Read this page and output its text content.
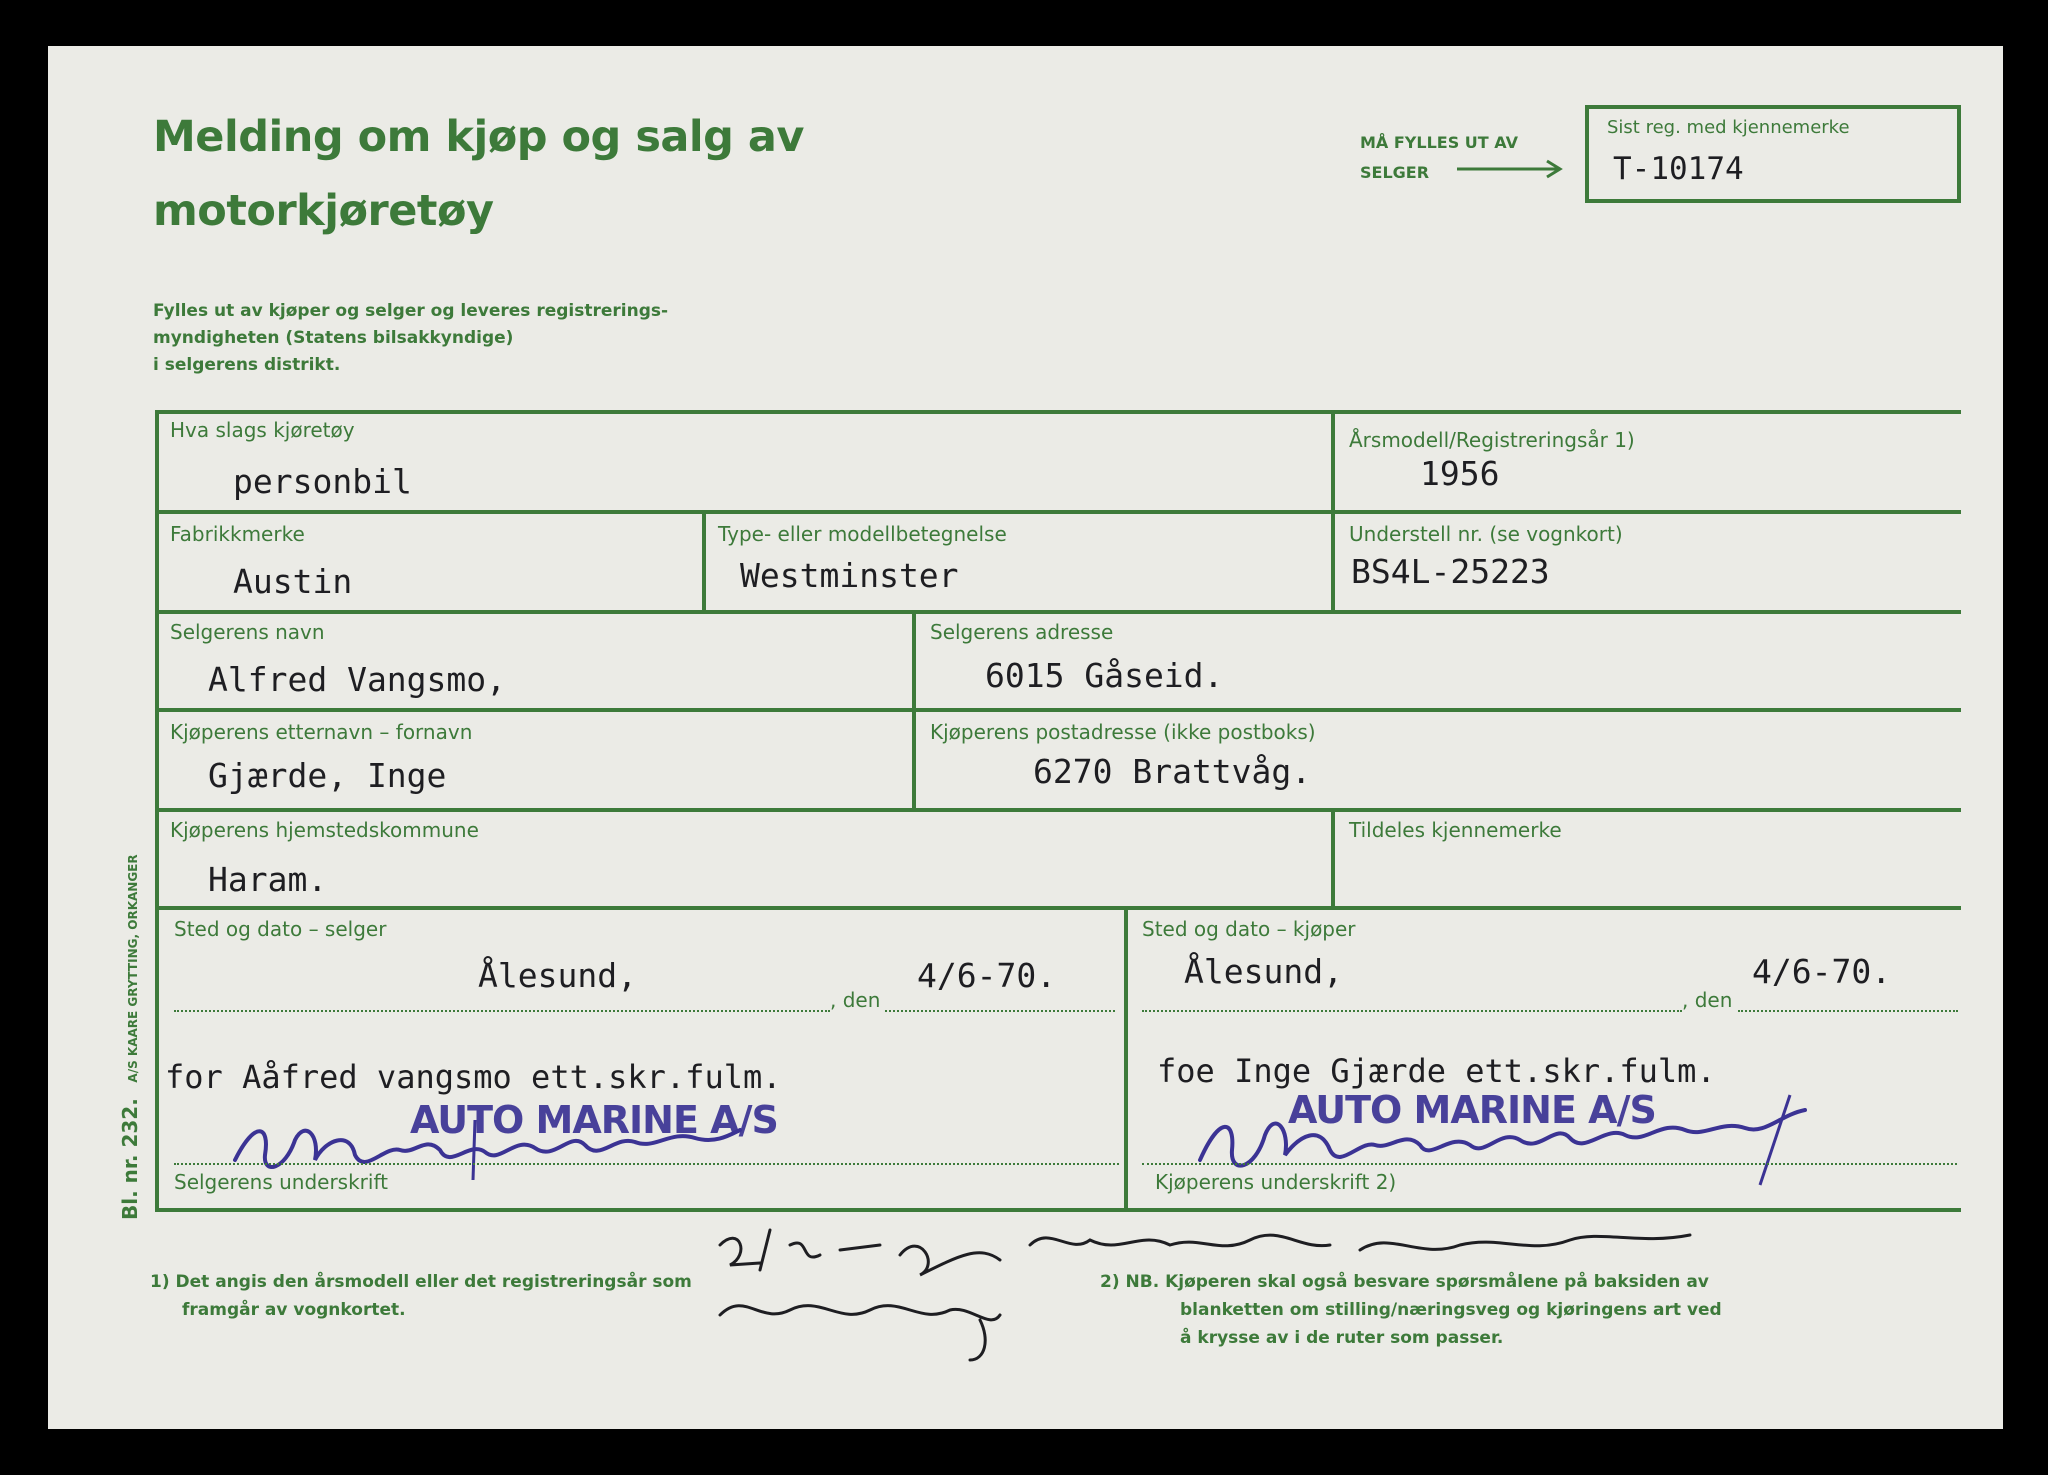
Melding om kjøp og salg av
motorkjøretøy
Fylles ut av kjøper og selger og leveres registrerings-
myndigheten (Statens bilsakkyndige)
i selgerens distrikt.
MÅ FYLLES UT AV
SELGER
Sist reg. med kjennemerke
T-10174
Hva slags kjøretøy
personbil
Årsmodell/Registreringsår 1)
1956
Fabrikkmerke
Austin
Type- eller modellbetegnelse
Westminster
Understell nr. (se vognkort)
BS4L-25223
Selgerens navn
Alfred Vangsmo,
Selgerens adresse
6015 Gåseid.
Kjøperens etternavn – fornavn
Gjærde, Inge
Kjøperens postadresse (ikke postboks)
6270 Brattvåg.
Kjøperens hjemstedskommune
Haram.
Tildeles kjennemerke
Sted og dato – selger
Ålesund,	4/6-70.
, den
Sted og dato – kjøper
Ålesund,	4/6-70.
, den
for Aåfred vangsmo ett.skr.fulm.
AUTO MARINE A/S
Selgerens underskrift
foe Inge Gjærde ett.skr.fulm.
AUTO MARINE A/S
Kjøperens underskrift 2)
1) Det angis den årsmodell eller det registreringsår som
framgår av vognkortet.
2) NB. Kjøperen skal også besvare spørsmålene på baksiden av
blanketten om stilling/næringsveg og kjøringens art ved
å krysse av i de ruter som passer.
Bl. nr. 232. A/S KAARE GRYTTING, ORKANGER
